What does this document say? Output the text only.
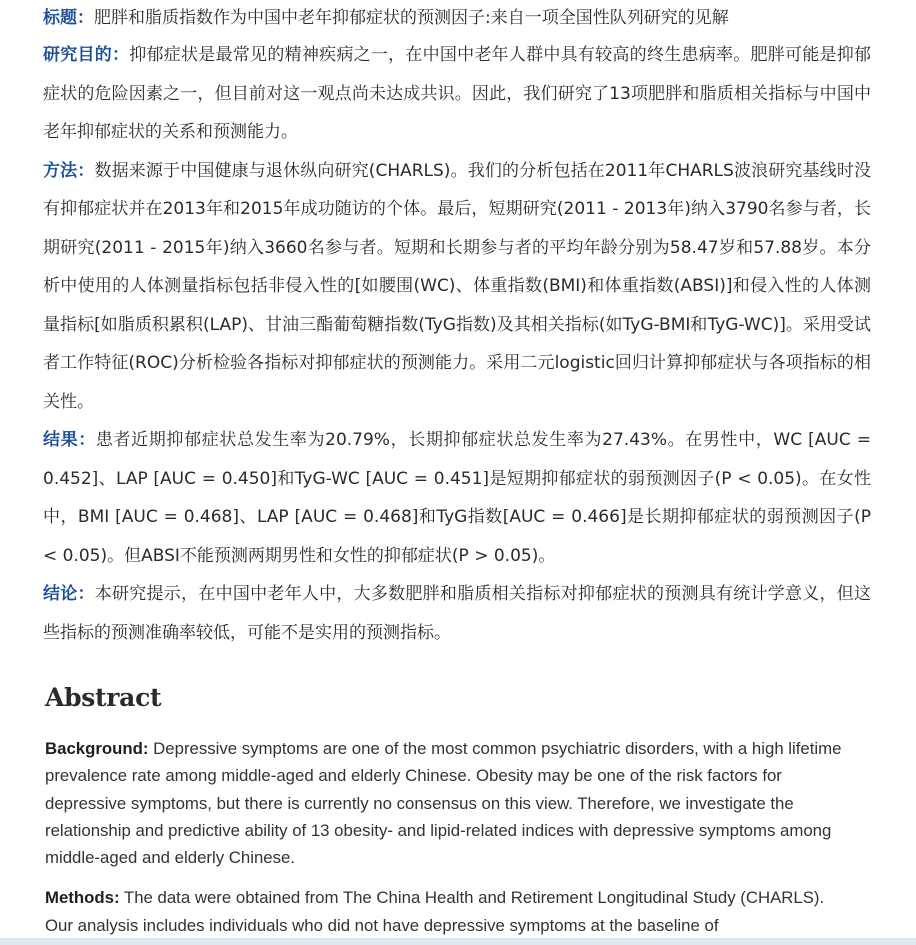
标题：肥胖和脂质指数作为中国中老年抑郁症状的预测因子:来自一项全国性队列研究的见解

研究目的：抑郁症状是最常见的精神疾病之一，在中国中老年人群中具有较高的终生患病率。肥胖可能是抑郁症状的危险因素之一，但目前对这一观点尚未达成共识。因此，我们研究了13项肥胖和脂质相关指标与中国中老年抑郁症状的关系和预测能力。

方法：数据来源于中国健康与退休纵向研究(CHARLS)。我们的分析包括在2011年CHARLS波浪研究基线时没有抑郁症状并在2013年和2015年成功随访的个体。最后，短期研究(2011 - 2013年)纳入3790名参与者，长期研究(2011 - 2015年)纳入3660名参与者。短期和长期参与者的平均年龄分别为58.47岁和57.88岁。本分析中使用的人体测量指标包括非侵入性的[如腰围(WC)、体重指数(BMI)和体重指数(ABSI)]和侵入性的人体测量指标[如脂质积累积(LAP)、甘油三酯葡萄糖指数(TyG指数)及其相关指标(如TyG-BMI和TyG-WC)]。采用受试者工作特征(ROC)分析检验各指标对抑郁症状的预测能力。采用二元logistic回归计算抑郁症状与各项指标的相关性。

结果：患者近期抑郁症状总发生率为20.79%，长期抑郁症状总发生率为27.43%。在男性中，WC [AUC = 0.452]、LAP [AUC = 0.450]和TyG-WC [AUC = 0.451]是短期抑郁症状的弱预测因子(P < 0.05)。在女性中，BMI [AUC = 0.468]、LAP [AUC = 0.468]和TyG指数[AUC = 0.466]是长期抑郁症状的弱预测因子(P < 0.05)。但ABSI不能预测两期男性和女性的抑郁症状(P > 0.05)。

结论：本研究提示，在中国中老年人中，大多数肥胖和脂质相关指标对抑郁症状的预测具有统计学意义，但这些指标的预测准确率较低，可能不是实用的预测指标。

Abstract

Background: Depressive symptoms are one of the most common psychiatric disorders, with a high lifetime prevalence rate among middle-aged and elderly Chinese. Obesity may be one of the risk factors for depressive symptoms, but there is currently no consensus on this view. Therefore, we investigate the relationship and predictive ability of 13 obesity- and lipid-related indices with depressive symptoms among middle-aged and elderly Chinese.

Methods: The data were obtained from The China Health and Retirement Longitudinal Study (CHARLS). Our analysis includes individuals who did not have depressive symptoms at the baseline of
